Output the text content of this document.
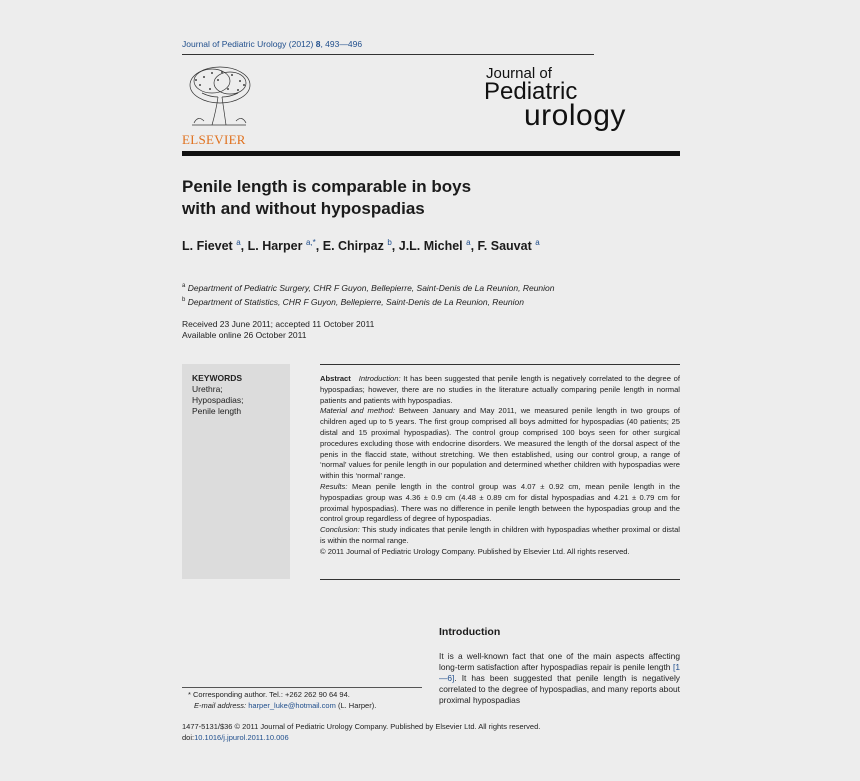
Journal of Pediatric Urology (2012) 8, 493—496
ELSEVIER
Journal of
Pediatric
urology
Penile length is comparable in boys
with and without hypospadias
L. Fievet $^a$, L. Harper $^{a,*}$, E. Chirpaz $^b$, J.L. Michel $^a$, F. Sauvat $^a$
$^a$ Department of Pediatric Surgery, CHR F Guyon, Bellepierre, Saint-Denis de La Reunion, Reunion
$^b$ Department of Statistics, CHR F Guyon, Bellepierre, Saint-Denis de La Reunion, Reunion
Received 23 June 2011; accepted 11 October 2011
Available online 26 October 2011
KEYWORDS
Urethra;
Hypospadias;
Penile length

Abstract Introduction: It has been suggested that penile length is negatively correlated to the degree of hypospadias; however, there are no studies in the literature actually comparing penile length in normal patients and patients with hypospadias.

Material and method: Between January and May 2011, we measured penile length in two groups of children aged up to 5 years. The first group comprised all boys admitted for hypospadias (40 patients; 25 distal and 15 proximal hypospadias). The control group comprised 100 boys seen for other surgical procedures excluding those with endocrine disorders. We measured the length of the dorsal aspect of the penis in the flaccid state, without stretching. We then established, using our control group, a range of ‘normal’ values for penile length in our population and determined whether children with hypospadias were within this ‘normal’ range.

Results: Mean penile length in the control group was 4.07 ± 0.92 cm, mean penile length in the hypospadias group was 4.36 ± 0.9 cm (4.48 ± 0.89 cm for distal hypospadias and 4.21 ± 0.79 cm for proximal hypospadias). There was no difference in penile length between the hypospadias group and the control group regardless of degree of hypospadias.

Conclusion: This study indicates that penile length in children with hypospadias whether proximal or distal is within the normal range.

© 2011 Journal of Pediatric Urology Company. Published by Elsevier Ltd. All rights reserved.

Introduction
It is a well-known fact that one of the main aspects affecting long-term satisfaction after hypospadias repair is penile length [1—6]. It has been suggested that penile length is negatively correlated to the degree of hypospadias, and many reports about proximal hypospadias
* Corresponding author. Tel.: +262 262 90 64 94.
E-mail address: harper_luke@hotmail.com (L. Harper).
1477-5131/$36 © 2011 Journal of Pediatric Urology Company. Published by Elsevier Ltd. All rights reserved.
doi:10.1016/j.jpurol.2011.10.006
